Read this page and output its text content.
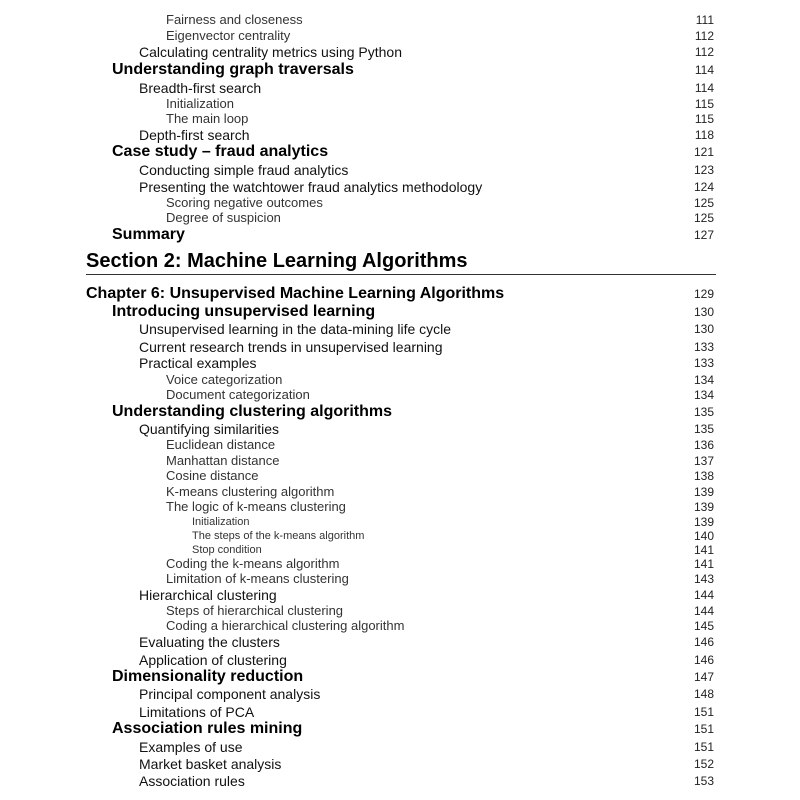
Fairness and closeness	111
Eigenvector centrality	112
Calculating centrality metrics using Python	112
Understanding graph traversals	114
Breadth-first search	114
Initialization	115
The main loop	115
Depth-first search	118
Case study – fraud analytics	121
Conducting simple fraud analytics	123
Presenting the watchtower fraud analytics methodology	124
Scoring negative outcomes	125
Degree of suspicion	125
Summary	127
Section 2: Machine Learning Algorithms
Chapter 6: Unsupervised Machine Learning Algorithms	129
Introducing unsupervised learning	130
Unsupervised learning in the data-mining life cycle	130
Current research trends in unsupervised learning	133
Practical examples	133
Voice categorization	134
Document categorization	134
Understanding clustering algorithms	135
Quantifying similarities	135
Euclidean distance	136
Manhattan distance	137
Cosine distance	138
K-means clustering algorithm	139
The logic of k-means clustering	139
Initialization	139
The steps of the k-means algorithm	140
Stop condition	141
Coding the k-means algorithm	141
Limitation of k-means clustering	143
Hierarchical clustering	144
Steps of hierarchical clustering	144
Coding a hierarchical clustering algorithm	145
Evaluating the clusters	146
Application of clustering	146
Dimensionality reduction	147
Principal component analysis	148
Limitations of PCA	151
Association rules mining	151
Examples of use	151
Market basket analysis	152
Association rules	153
